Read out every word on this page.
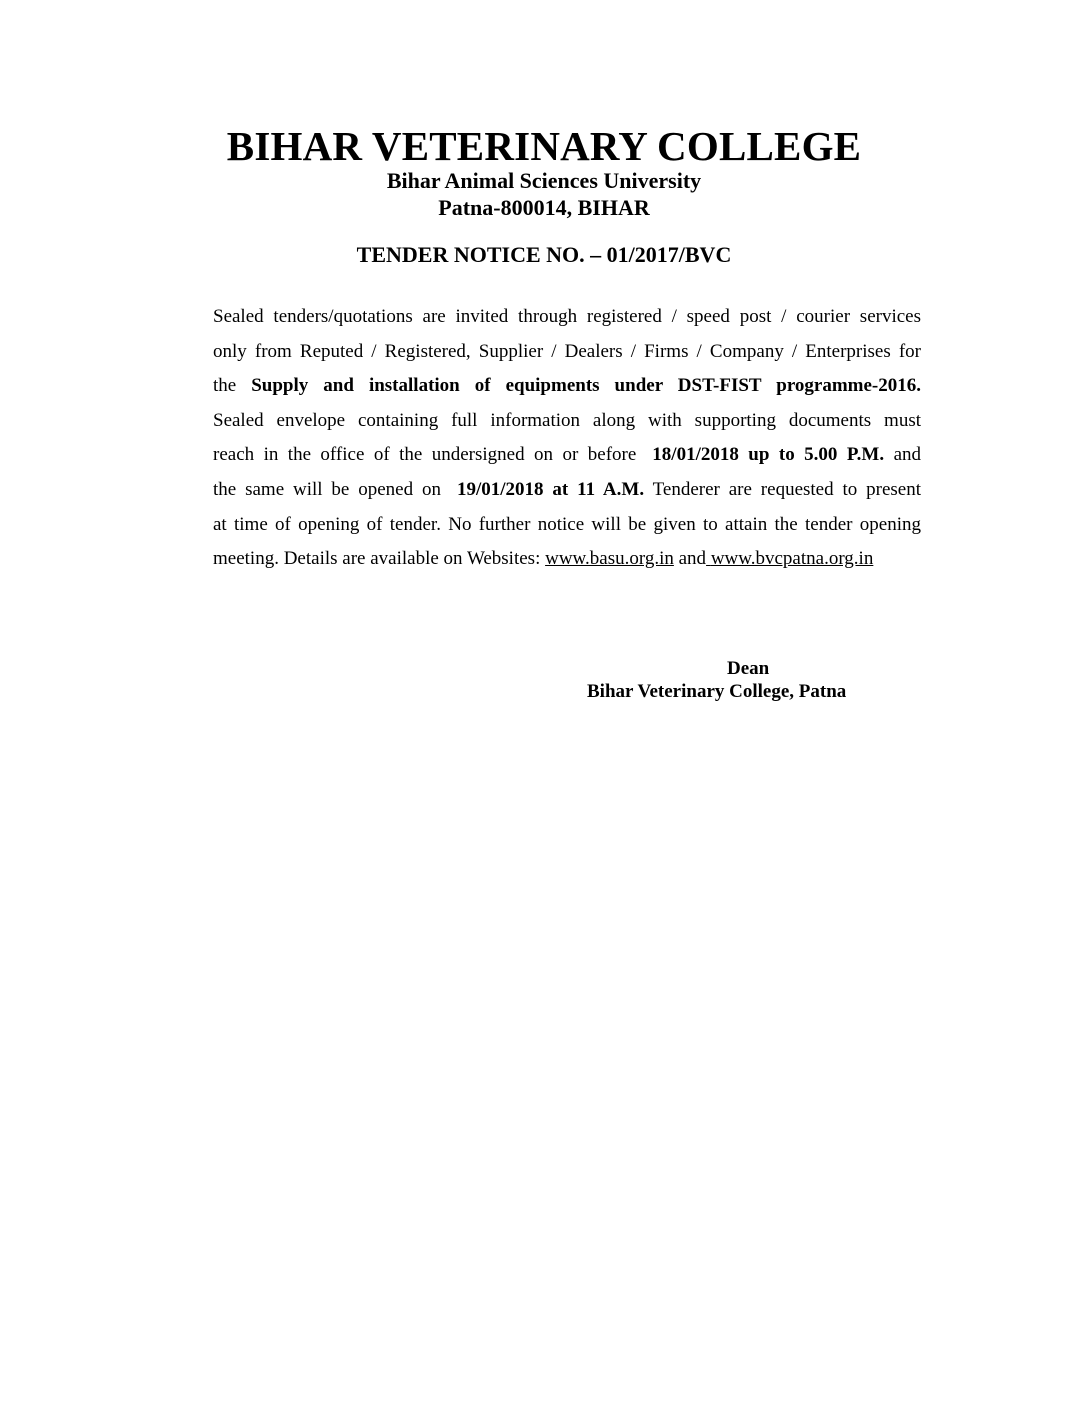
BIHAR VETERINARY COLLEGE
Bihar Animal Sciences University
Patna-800014, BIHAR
TENDER NOTICE NO. – 01/2017/BVC
Sealed tenders/quotations are invited through registered / speed post / courier services
only from Reputed / Registered, Supplier / Dealers / Firms / Company / Enterprises for
the Supply and installation of equipments under DST-FIST programme-2016.
Sealed envelope containing full information along with supporting documents must
reach in the office of the undersigned on or before 18/01/2018 up to 5.00 P.M. and
the same will be opened on 19/01/2018 at 11 A.M. Tenderer are requested to present
at time of opening of tender. No further notice will be given to attain the tender opening
meeting. Details are available on Websites: www.basu.org.in and www.bvcpatna.org.in
Dean
Bihar Veterinary College, Patna
